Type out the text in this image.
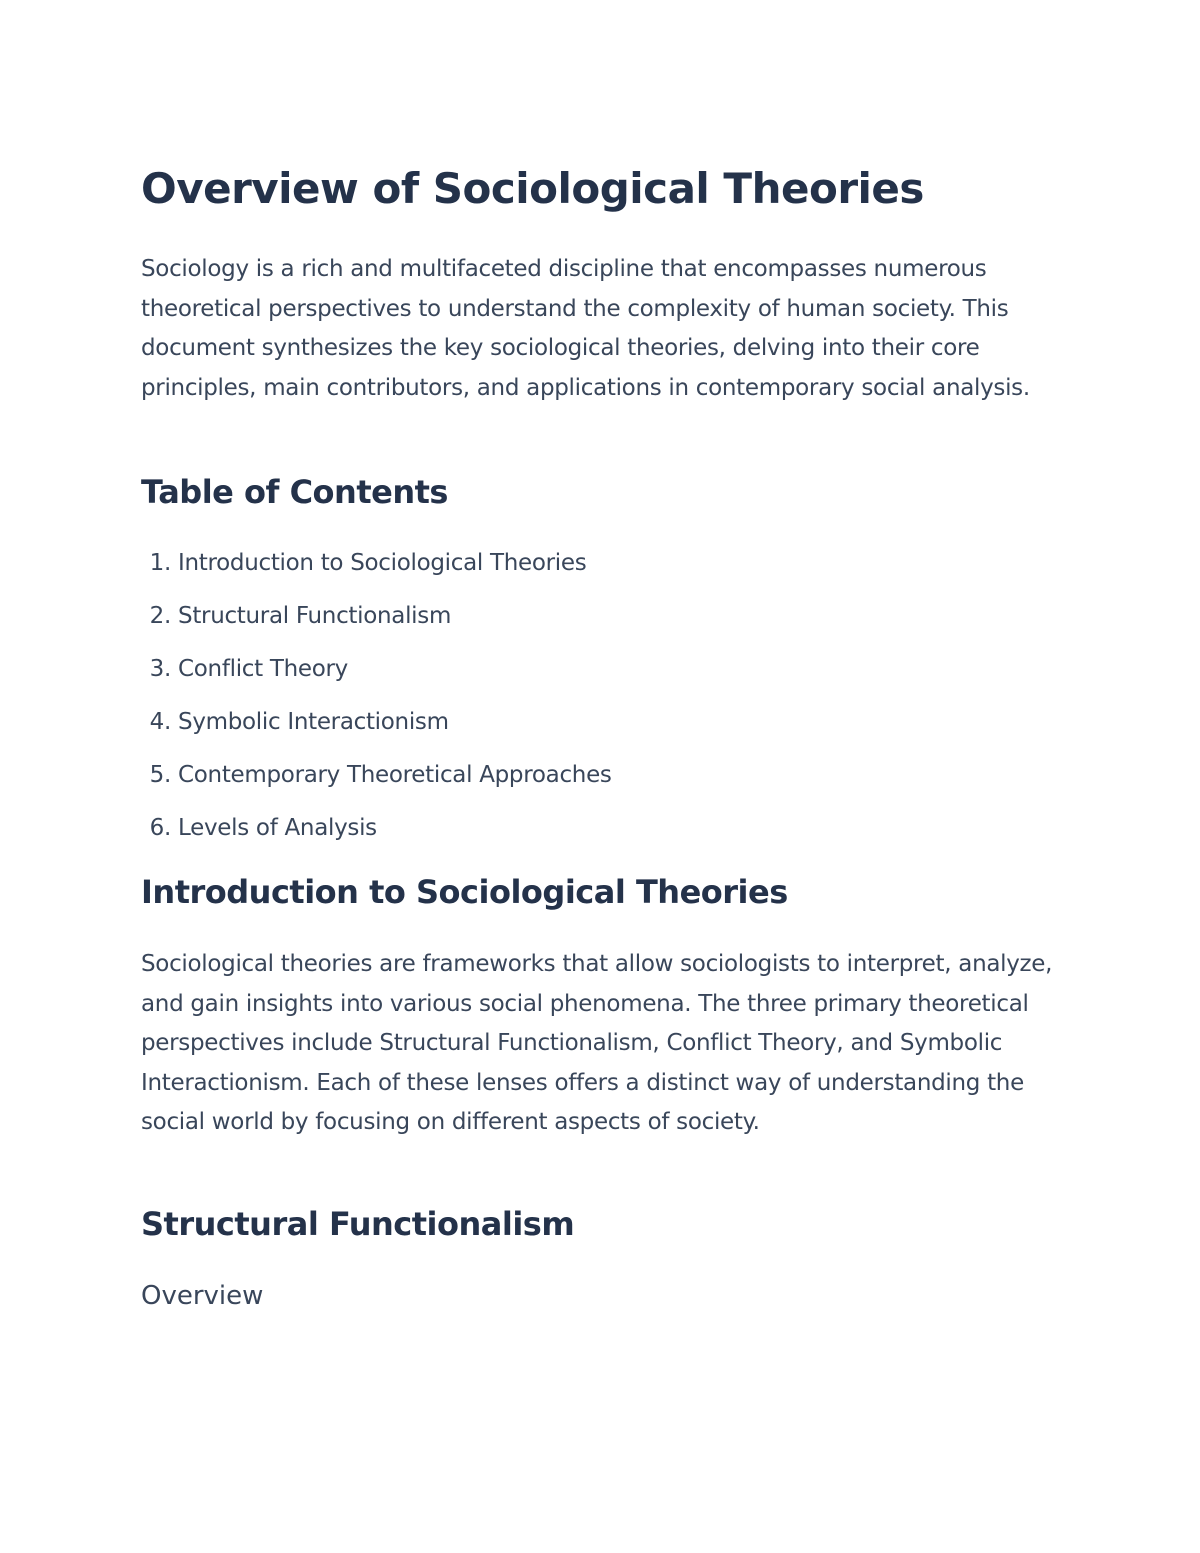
Overview of Sociological Theories

Sociology is a rich and multifaceted discipline that encompasses numerous theoretical perspectives to understand the complexity of human society. This document synthesizes the key sociological theories, delving into their core principles, main contributors, and applications in contemporary social analysis.

Table of Contents
1. Introduction to Sociological Theories
2. Structural Functionalism
3. Conflict Theory
4. Symbolic Interactionism
5. Contemporary Theoretical Approaches
6. Levels of Analysis
Introduction to Sociological Theories

Sociological theories are frameworks that allow sociologists to interpret, analyze, and gain insights into various social phenomena. The three primary theoretical perspectives include Structural Functionalism, Conflict Theory, and Symbolic Interactionism. Each of these lenses offers a distinct way of understanding the social world by focusing on different aspects of society.

Structural Functionalism
Overview
